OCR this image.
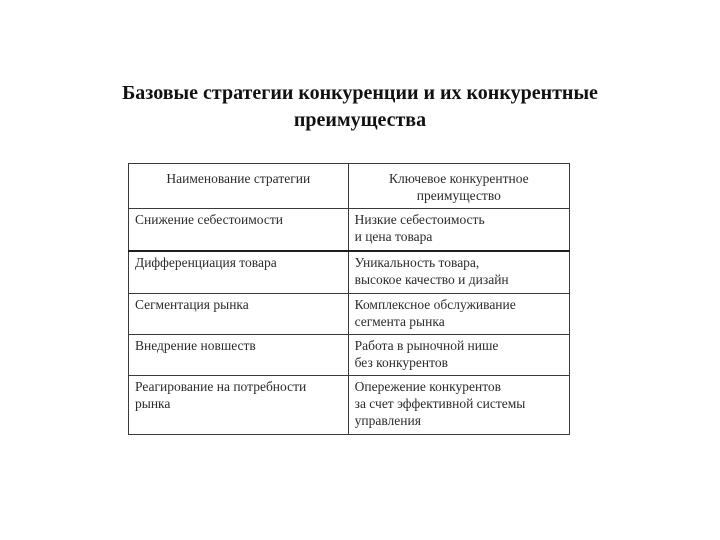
Базовые стратегии конкуренции и их конкурентные
преимущества
Наименование стратегии	Ключевое конкурентное
преимущество

Снижение себестоимости	Низкие себестоимость
и цена товара

Дифференциация товара	Уникальность товара,
высокое качество и дизайн

Сегментация рынка	Комплексное обслуживание
сегмента рынка

Внедрение новшеств	Работа в рыночной нише
без конкурентов

Реагирование на потребности
рынка	Опережение конкурентов
за счет эффективной системы
управления
